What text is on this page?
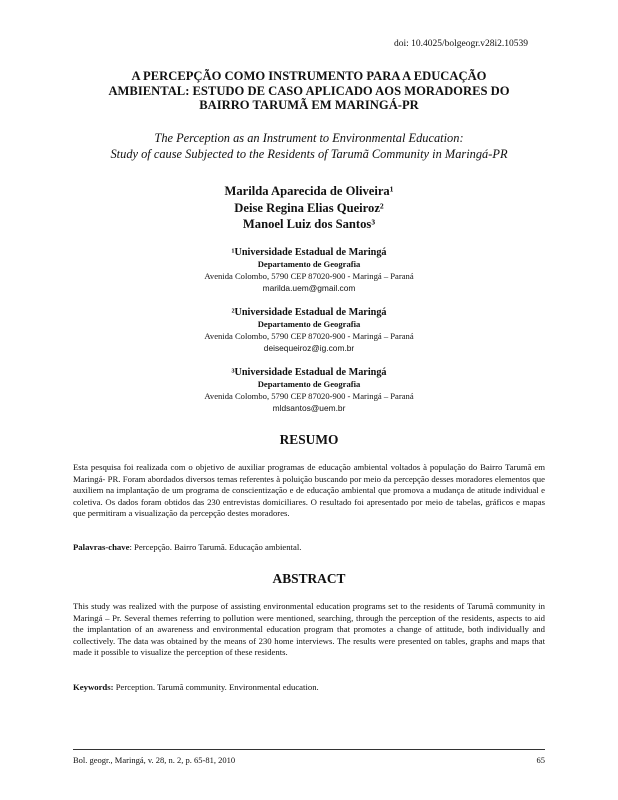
doi: 10.4025/bolgeogr.v28i2.10539
A PERCEPÇÃO COMO INSTRUMENTO PARA A EDUCAÇÃO
AMBIENTAL: ESTUDO DE CASO APLICADO AOS MORADORES DO
BAIRRO TARUMÃ EM MARINGÁ-PR
The Perception as an Instrument to Environmental Education:
Study of cause Subjected to the Residents of Tarumã Community in Maringá-PR
Marilda Aparecida de Oliveira¹
Deise Regina Elias Queiroz²
Manoel Luiz dos Santos³
¹Universidade Estadual de Maringá
Departamento de Geografia
Avenida Colombo, 5790 CEP 87020-900 - Maringá – Paraná
marilda.uem@gmail.com
²Universidade Estadual de Maringá
Departamento de Geografia
Avenida Colombo, 5790 CEP 87020-900 - Maringá – Paraná
deisequeiroz@ig.com.br
³Universidade Estadual de Maringá
Departamento de Geografia
Avenida Colombo, 5790 CEP 87020-900 - Maringá – Paraná
mldsantos@uem.br
RESUMO
Esta pesquisa foi realizada com o objetivo de auxiliar programas de educação ambiental voltados à população do Bairro Tarumã em Maringá- PR. Foram abordados diversos temas referentes à poluição buscando por meio da percepção desses moradores elementos que auxiliem na implantação de um programa de conscientização e de educação ambiental que promova a mudança de atitude individual e coletiva. Os dados foram obtidos das 230 entrevistas domiciliares. O resultado foi apresentado por meio de tabelas, gráficos e mapas que permitiram a visualização da percepção destes moradores.
Palavras-chave: Percepção. Bairro Tarumã. Educação ambiental.
ABSTRACT
This study was realized with the purpose of assisting environmental education programs set to the residents of Tarumã community in Maringá – Pr. Several themes referring to pollution were mentioned, searching, through the perception of the residents, aspects to aid the implantation of an awareness and environmental education program that promotes a change of attitude, both individually and collectively. The data was obtained by the means of 230 home interviews. The results were presented on tables, graphs and maps that made it possible to visualize the perception of these residents.
Keywords: Perception. Tarumã community. Environmental education.
Bol. geogr., Maringá, v. 28, n. 2, p. 65-81, 2010	65
